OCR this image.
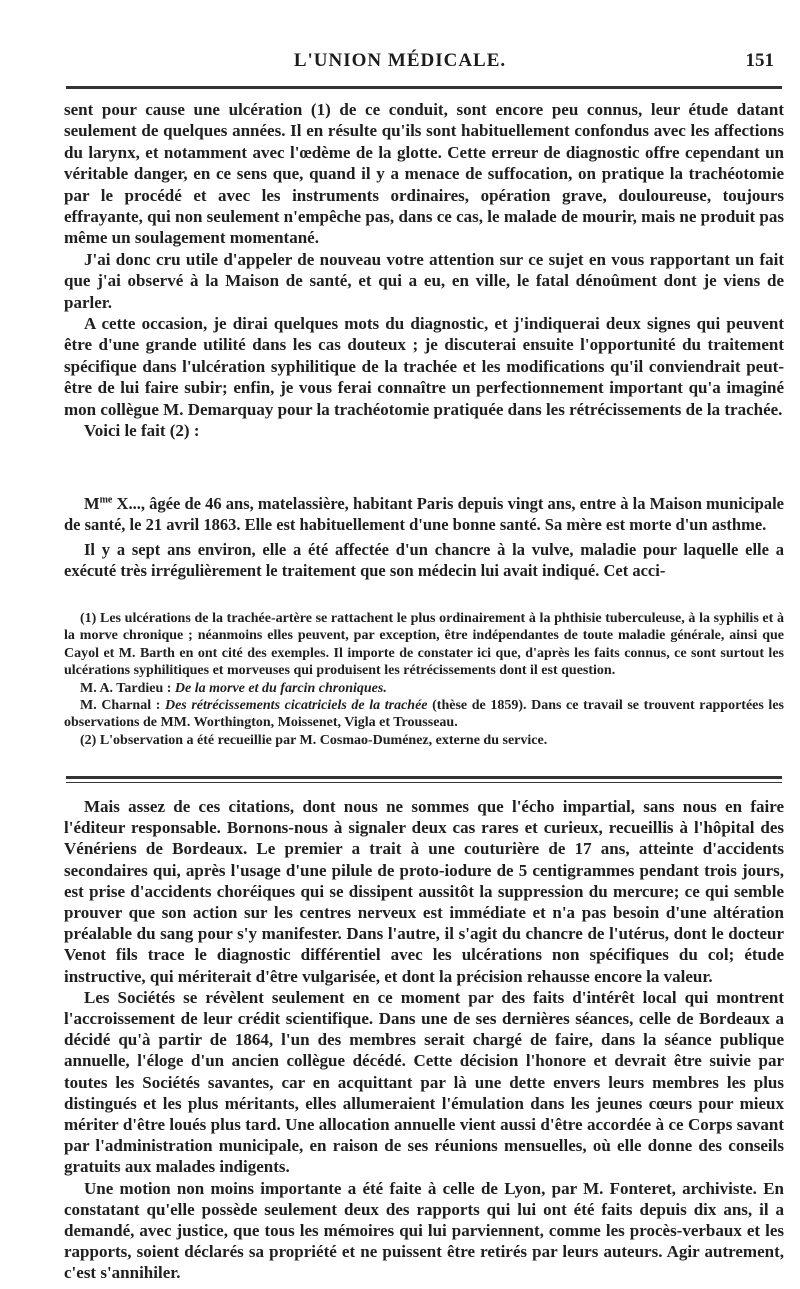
L'UNION MÉDICALE.	151

sent pour cause une ulcération (1) de ce conduit, sont encore peu connus, leur étude datant seulement de quelques années. Il en résulte qu'ils sont habituellement confondus avec les affections du larynx, et notamment avec l'œdème de la glotte. Cette erreur de diagnostic offre cependant un véritable danger, en ce sens que, quand il y a menace de suffocation, on pratique la trachéotomie par le procédé et avec les instruments ordinaires, opération grave, douloureuse, toujours effrayante, qui non seulement n'empêche pas, dans ce cas, le malade de mourir, mais ne produit pas même un soulagement momentané.

J'ai donc cru utile d'appeler de nouveau votre attention sur ce sujet en vous rapportant un fait que j'ai observé à la Maison de santé, et qui a eu, en ville, le fatal dénoûment dont je viens de parler.

A cette occasion, je dirai quelques mots du diagnostic, et j'indiquerai deux signes qui peuvent être d'une grande utilité dans les cas douteux ; je discuterai ensuite l'opportunité du traitement spécifique dans l'ulcération syphilitique de la trachée et les modifications qu'il conviendrait peut-être de lui faire subir; enfin, je vous ferai connaître un perfectionnement important qu'a imaginé mon collègue M. Demarquay pour la trachéotomie pratiquée dans les rétrécissements de la trachée.

Voici le fait (2) :

$M^{me}$ X..., âgée de 46 ans, matelassière, habitant Paris depuis vingt ans, entre à la Maison municipale de santé, le 21 avril 1863. Elle est habituellement d'une bonne santé. Sa mère est morte d'un asthme.

Il y a sept ans environ, elle a été affectée d'un chancre à la vulve, maladie pour laquelle elle a exécuté très irrégulièrement le traitement que son médecin lui avait indiqué. Cet acci-

(1) Les ulcérations de la trachée-artère se rattachent le plus ordinairement à la phthisie tuberculeuse, à la syphilis et à la morve chronique ; néanmoins elles peuvent, par exception, être indépendantes de toute maladie générale, ainsi que Cayol et M. Barth en ont cité des exemples. Il importe de constater ici que, d'après les faits connus, ce sont surtout les ulcérations syphilitiques et morveuses qui produisent les rétrécissements dont il est question.

M. A. Tardieu : De la morve et du farcin chroniques.

M. Charnal : Des rétrécissements cicatriciels de la trachée (thèse de 1859). Dans ce travail se trouvent rapportées les observations de MM. Worthington, Moissenet, Vigla et Trousseau.

(2) L'observation a été recueillie par M. Cosmao-Duménez, externe du service.

Mais assez de ces citations, dont nous ne sommes que l'écho impartial, sans nous en faire l'éditeur responsable. Bornons-nous à signaler deux cas rares et curieux, recueillis à l'hôpital des Vénériens de Bordeaux. Le premier a trait à une couturière de 17 ans, atteinte d'accidents secondaires qui, après l'usage d'une pilule de proto-iodure de 5 centigrammes pendant trois jours, est prise d'accidents choréiques qui se dissipent aussitôt la suppression du mercure; ce qui semble prouver que son action sur les centres nerveux est immédiate et n'a pas besoin d'une altération préalable du sang pour s'y manifester. Dans l'autre, il s'agit du chancre de l'utérus, dont le docteur Venot fils trace le diagnostic différentiel avec les ulcérations non spécifiques du col; étude instructive, qui mériterait d'être vulgarisée, et dont la précision rehausse encore la valeur.

Les Sociétés se révèlent seulement en ce moment par des faits d'intérêt local qui montrent l'accroissement de leur crédit scientifique. Dans une de ses dernières séances, celle de Bordeaux a décidé qu'à partir de 1864, l'un des membres serait chargé de faire, dans la séance publique annuelle, l'éloge d'un ancien collègue décédé. Cette décision l'honore et devrait être suivie par toutes les Sociétés savantes, car en acquittant par là une dette envers leurs membres les plus distingués et les plus méritants, elles allumeraient l'émulation dans les jeunes cœurs pour mieux mériter d'être loués plus tard. Une allocation annuelle vient aussi d'être accordée à ce Corps savant par l'administration municipale, en raison de ses réunions mensuelles, où elle donne des conseils gratuits aux malades indigents.

Une motion non moins importante a été faite à celle de Lyon, par M. Fonteret, archiviste. En constatant qu'elle possède seulement deux des rapports qui lui ont été faits depuis dix ans, il a demandé, avec justice, que tous les mémoires qui lui parviennent, comme les procès-verbaux et les rapports, soient déclarés sa propriété et ne puissent être retirés par leurs auteurs. Agir autrement, c'est s'annihiler.
